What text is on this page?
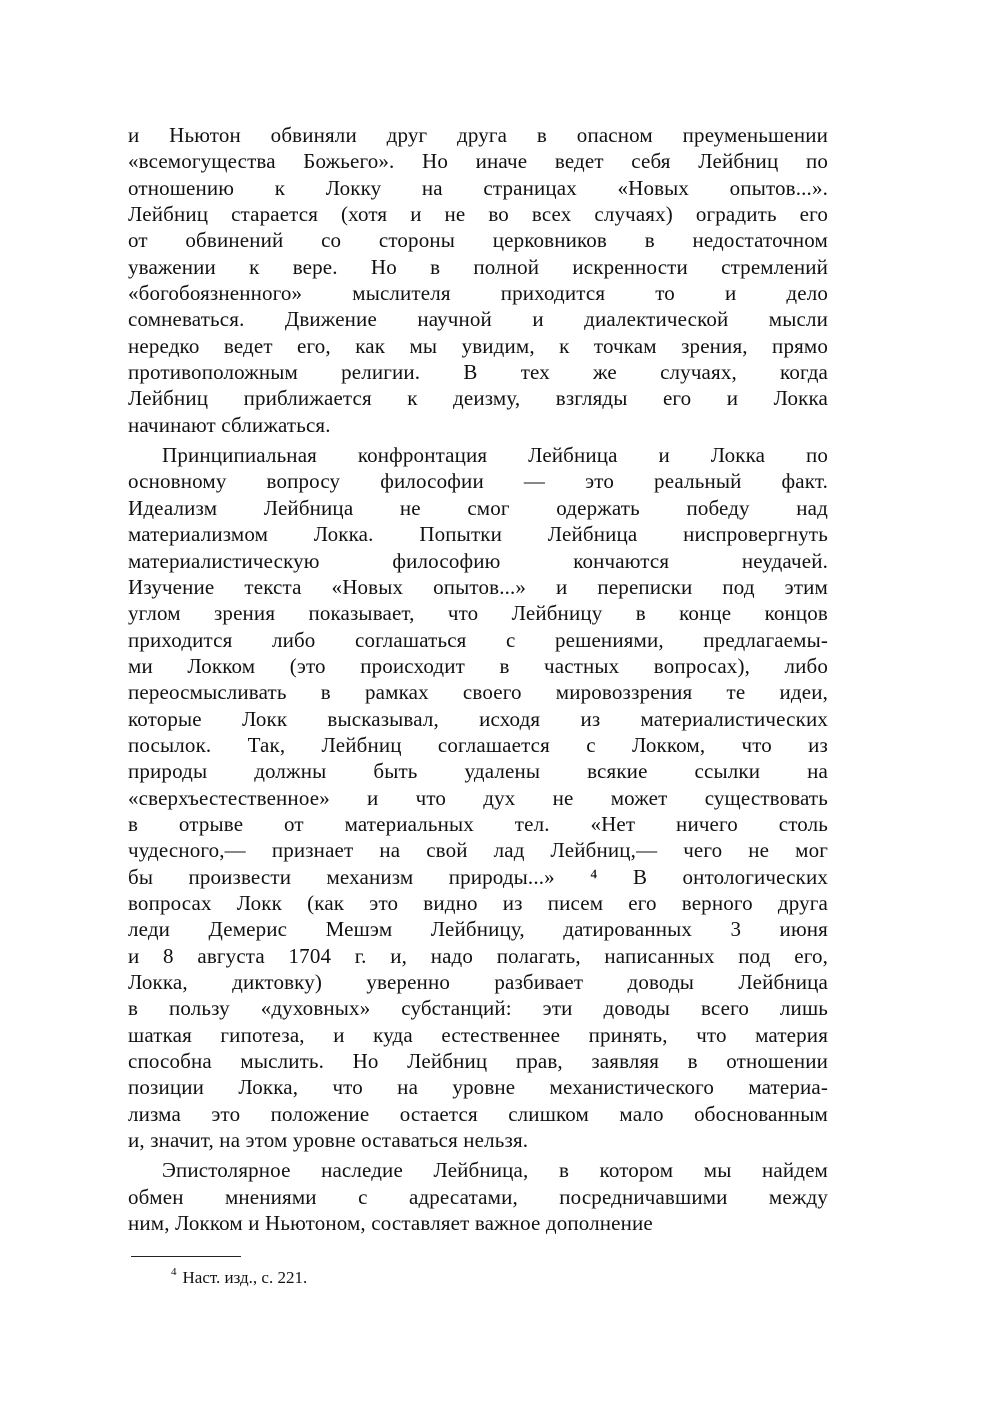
и Ньютон обвиняли друг друга в опасном преуменьшении
«всемогущества Божьего». Но иначе ведет себя Лейбниц по
отношению к Локку на страницах «Новых опытов...».
Лейбниц старается (хотя и не во всех случаях) оградить его
от обвинений со стороны церковников в недостаточном
уважении к вере. Но в полной искренности стремлений
«богобоязненного» мыслителя приходится то и дело
сомневаться. Движение научной и диалектической мысли
нередко ведет его, как мы увидим, к точкам зрения, прямо
противоположным религии. В тех же случаях, когда
Лейбниц приближается к деизму, взгляды его и Локка
начинают сближаться.
Принципиальная конфронтация Лейбница и Локка по
основному вопросу философии — это реальный факт.
Идеализм Лейбница не смог одержать победу над
материализмом Локка. Попытки Лейбница ниспровергнуть
материалистическую философию кончаются неудачей.
Изучение текста «Новых опытов...» и переписки под этим
углом зрения показывает, что Лейбницу в конце концов
приходится либо соглашаться с решениями, предлагаемы-
ми Локком (это происходит в частных вопросах), либо
переосмысливать в рамках своего мировоззрения те идеи,
которые Локк высказывал, исходя из материалистических
посылок. Так, Лейбниц соглашается с Локком, что из
природы должны быть удалены всякие ссылки на
«сверхъестественное» и что дух не может существовать
в отрыве от материальных тел. «Нет ничего столь
чудесного,— признает на свой лад Лейбниц,— чего не мог
бы произвести механизм природы...» ⁴ В онтологических
вопросах Локк (как это видно из писем его верного друга
леди Демерис Мешэм Лейбницу, датированных 3 июня
и 8 августа 1704 г. и, надо полагать, написанных под его,
Локка, диктовку) уверенно разбивает доводы Лейбница
в пользу «духовных» субстанций: эти доводы всего лишь
шаткая гипотеза, и куда естественнее принять, что материя
способна мыслить. Но Лейбниц прав, заявляя в отношении
позиции Локка, что на уровне механистического материа-
лизма это положение остается слишком мало обоснованным
и, значит, на этом уровне оставаться нельзя.
Эпистолярное наследие Лейбница, в котором мы найдем
обмен мнениями с адресатами, посредничавшими между
ним, Локком и Ньютоном, составляет важное дополнение
$^4$ Наст. изд., с. 221.
